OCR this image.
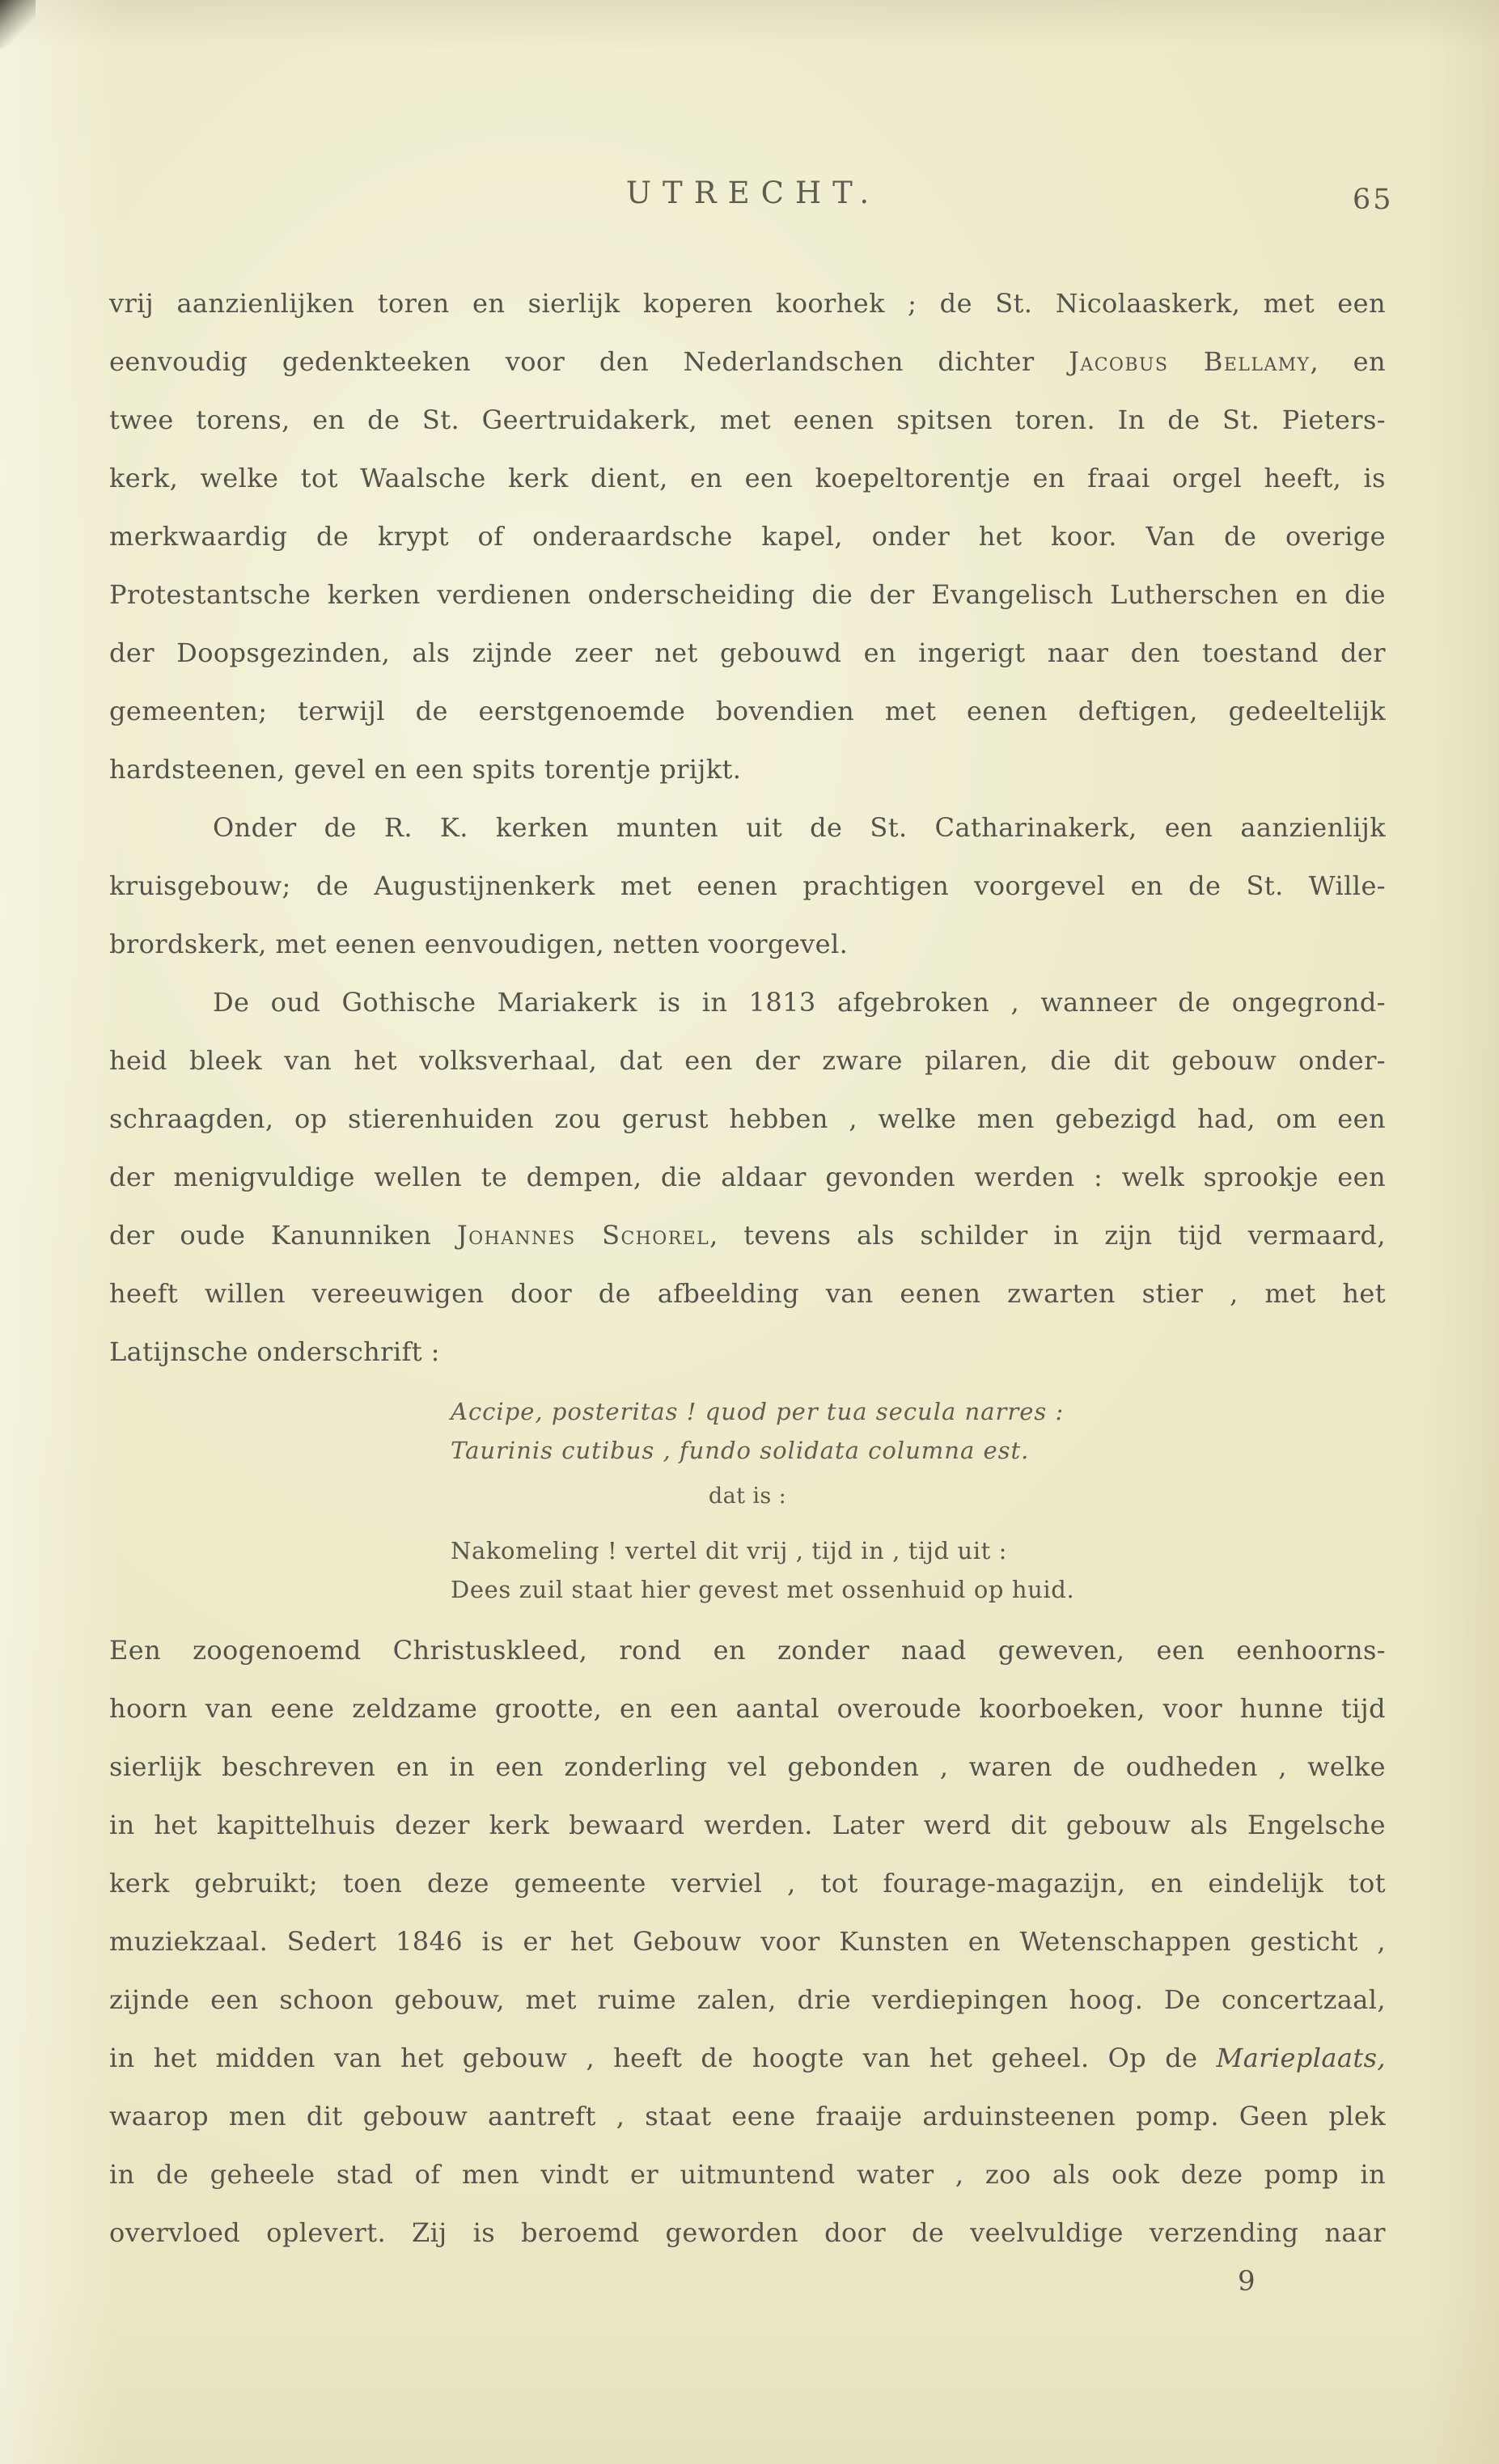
UTRECHT.	65
vrij aanzienlijken toren en sierlijk koperen koorhek ; de St. Nicolaaskerk, met een
eenvoudig gedenkteeken voor den Nederlandschen dichter Jacobus Bellamy, en
twee torens, en de St. Geertruidakerk, met eenen spitsen toren. In de St. Pieters-
kerk, welke tot Waalsche kerk dient, en een koepeltorentje en fraai orgel heeft, is
merkwaardig de krypt of onderaardsche kapel, onder het koor. Van de overige
Protestantsche kerken verdienen onderscheiding die der Evangelisch Lutherschen en die
der Doopsgezinden, als zijnde zeer net gebouwd en ingerigt naar den toestand der
gemeenten; terwijl de eerstgenoemde bovendien met eenen deftigen, gedeeltelijk
hardsteenen, gevel en een spits torentje prijkt.
Onder de R. K. kerken munten uit de St. Catharinakerk, een aanzienlijk
kruisgebouw; de Augustijnenkerk met eenen prachtigen voorgevel en de St. Wille-
brordskerk, met eenen eenvoudigen, netten voorgevel.
De oud Gothische Mariakerk is in 1813 afgebroken , wanneer de ongegrond-
heid bleek van het volksverhaal, dat een der zware pilaren, die dit gebouw onder-
schraagden, op stierenhuiden zou gerust hebben , welke men gebezigd had, om een
der menigvuldige wellen te dempen, die aldaar gevonden werden : welk sprookje een
der oude Kanunniken Johannes Schorel, tevens als schilder in zijn tijd vermaard,
heeft willen vereeuwigen door de afbeelding van eenen zwarten stier , met het
Latijnsche onderschrift :
Accipe, posteritas ! quod per tua secula narres :
Taurinis cutibus , fundo solidata columna est.
dat is :
Nakomeling ! vertel dit vrij , tijd in , tijd uit :
Dees zuil staat hier gevest met ossenhuid op huid.
Een zoogenoemd Christuskleed, rond en zonder naad geweven, een eenhoorns-
hoorn van eene zeldzame grootte, en een aantal overoude koorboeken, voor hunne tijd
sierlijk beschreven en in een zonderling vel gebonden , waren de oudheden , welke
in het kapittelhuis dezer kerk bewaard werden. Later werd dit gebouw als Engelsche
kerk gebruikt; toen deze gemeente verviel , tot fourage-magazijn, en eindelijk tot
muziekzaal. Sedert 1846 is er het Gebouw voor Kunsten en Wetenschappen gesticht ,
zijnde een schoon gebouw, met ruime zalen, drie verdiepingen hoog. De concertzaal,
in het midden van het gebouw , heeft de hoogte van het geheel. Op de Marieplaats,
waarop men dit gebouw aantreft , staat eene fraaije arduinsteenen pomp. Geen plek
in de geheele stad of men vindt er uitmuntend water , zoo als ook deze pomp in
overvloed oplevert. Zij is beroemd geworden door de veelvuldige verzending naar
9
